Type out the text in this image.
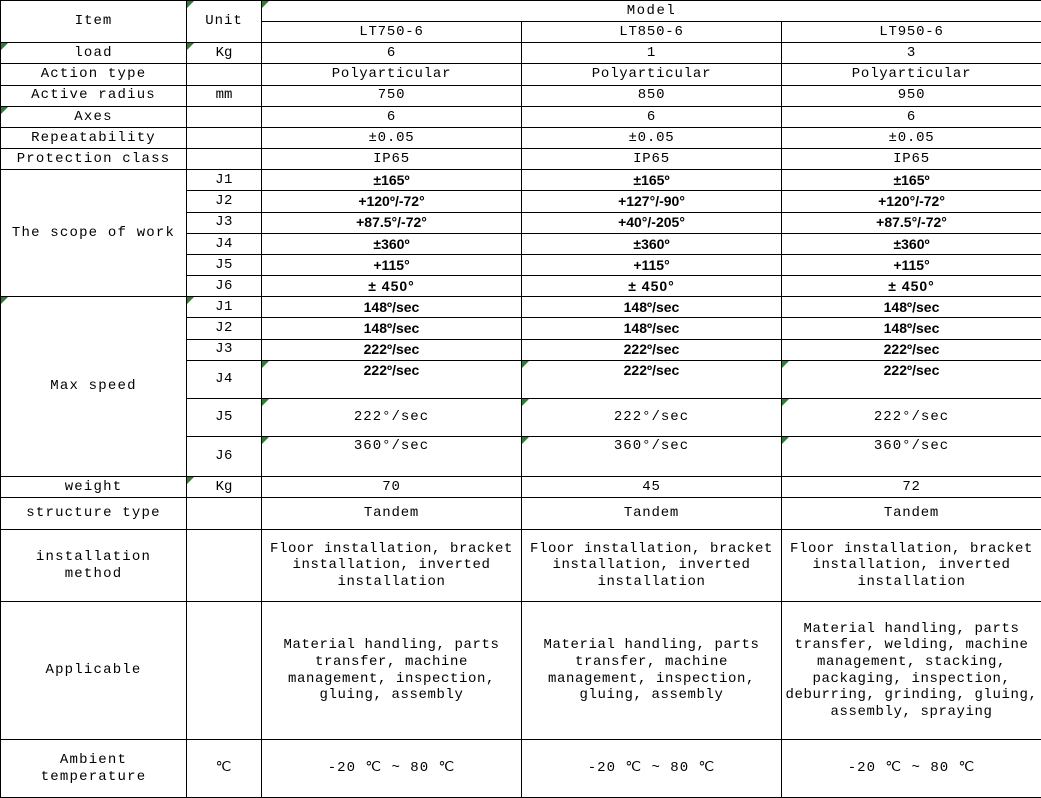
Item	Unit	Model		
		LT750-6	LT850-6	LT950-6
load	Kg	6	1	3
Action type		Polyarticular	Polyarticular	Polyarticular
Active radius	mm	750	850	950
Axes		6	6	6
Repeatability		±0.05	±0.05	±0.05
Protection class		IP65	IP65	IP65
The scope of work	J1	±165º	±165º	±165º
	J2	+120º/-72°	+127°/-90°	+120°/-72°
	J3	+87.5°/-72°	+40°/-205°	+87.5°/-72°
	J4	±360º	±360º	±360º
	J5	+115°	+115°	+115°
	J6	± 450°	± 450°	± 450°
Max speed	J1	148º/sec	148º/sec	148º/sec
	J2	148º/sec	148º/sec	148º/sec
	J3	222º/sec	222º/sec	222º/sec
	J4	222º/sec	222º/sec	222º/sec
	J5	222°/sec	222°/sec	222°/sec
	J6	360°/sec	360°/sec	360°/sec
weight	Kg	70	45	72
structure type		Tandem	Tandem	Tandem
installation method		Floor installation, bracket installation, inverted installation	Floor installation, bracket installation, inverted installation	Floor installation, bracket installation, inverted installation
Applicable		Material handling, parts transfer, machine management, inspection, gluing, assembly	Material handling, parts transfer, machine management, inspection, gluing, assembly	Material handling, parts transfer, welding, machine management, stacking, packaging, inspection, deburring, grinding, gluing, assembly, spraying
Ambient temperature	℃	-20 ℃ ~ 80 ℃	-20 ℃ ~ 80 ℃	-20 ℃ ~ 80 ℃
